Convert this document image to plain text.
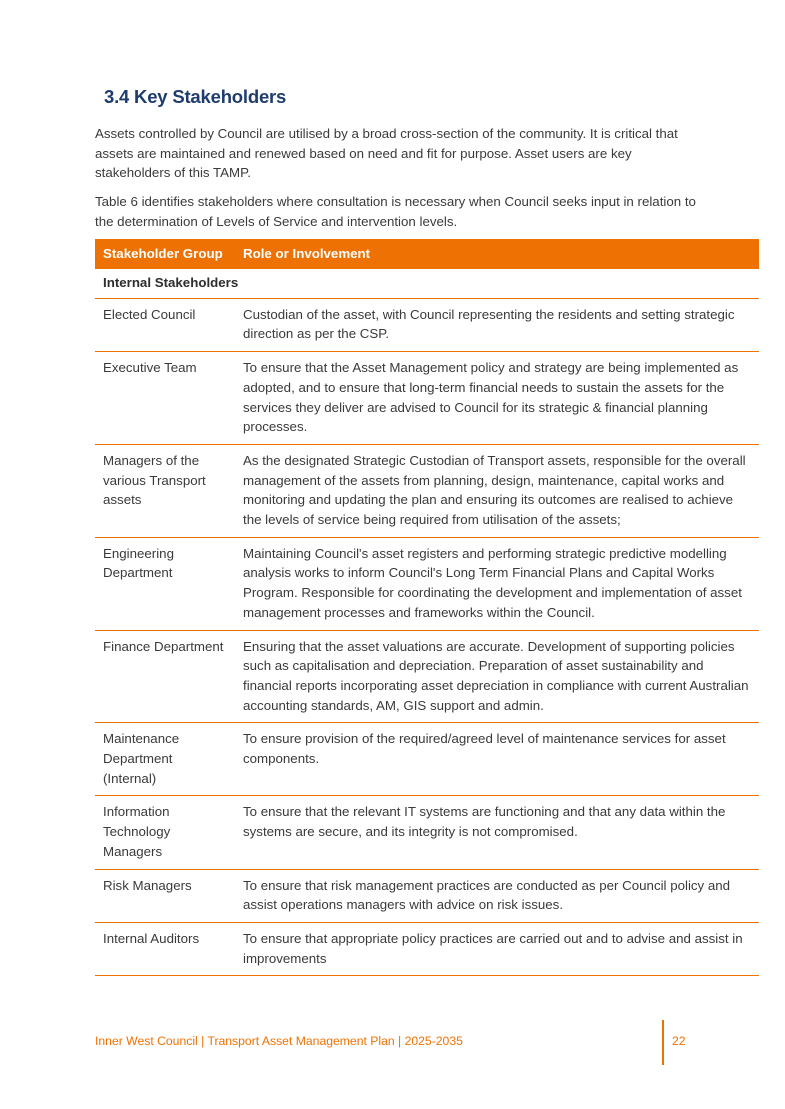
3.4 Key Stakeholders

Assets controlled by Council are utilised by a broad cross-section of the community. It is critical that assets are maintained and renewed based on need and fit for purpose. Asset users are key stakeholders of this TAMP.

Table 6 identifies stakeholders where consultation is necessary when Council seeks input in relation to the determination of Levels of Service and intervention levels.

Stakeholder Group	Role or Involvement
Internal Stakeholders	
Elected Council	Custodian of the asset, with Council representing the residents and setting strategic direction as per the CSP.
Executive Team	To ensure that the Asset Management policy and strategy are being implemented as adopted, and to ensure that long-term financial needs to sustain the assets for the services they deliver are advised to Council for its strategic & financial planning processes.
Managers of the various Transport assets	As the designated Strategic Custodian of Transport assets, responsible for the overall management of the assets from planning, design, maintenance, capital works and monitoring and updating the plan and ensuring its outcomes are realised to achieve the levels of service being required from utilisation of the assets;
Engineering Department	Maintaining Council's asset registers and performing strategic predictive modelling analysis works to inform Council's Long Term Financial Plans and Capital Works Program. Responsible for coordinating the development and implementation of asset management processes and frameworks within the Council.
Finance Department	Ensuring that the asset valuations are accurate. Development of supporting policies such as capitalisation and depreciation. Preparation of asset sustainability and financial reports incorporating asset depreciation in compliance with current Australian accounting standards, AM, GIS support and admin.
Maintenance Department (Internal)	To ensure provision of the required/agreed level of maintenance services for asset components.
Information Technology Managers	To ensure that the relevant IT systems are functioning and that any data within the systems are secure, and its integrity is not compromised.
Risk Managers	To ensure that risk management practices are conducted as per Council policy and assist operations managers with advice on risk issues.
Internal Auditors	To ensure that appropriate policy practices are carried out and to advise and assist in improvements
Inner West Council | Transport Asset Management Plan | 2025-2035	22
